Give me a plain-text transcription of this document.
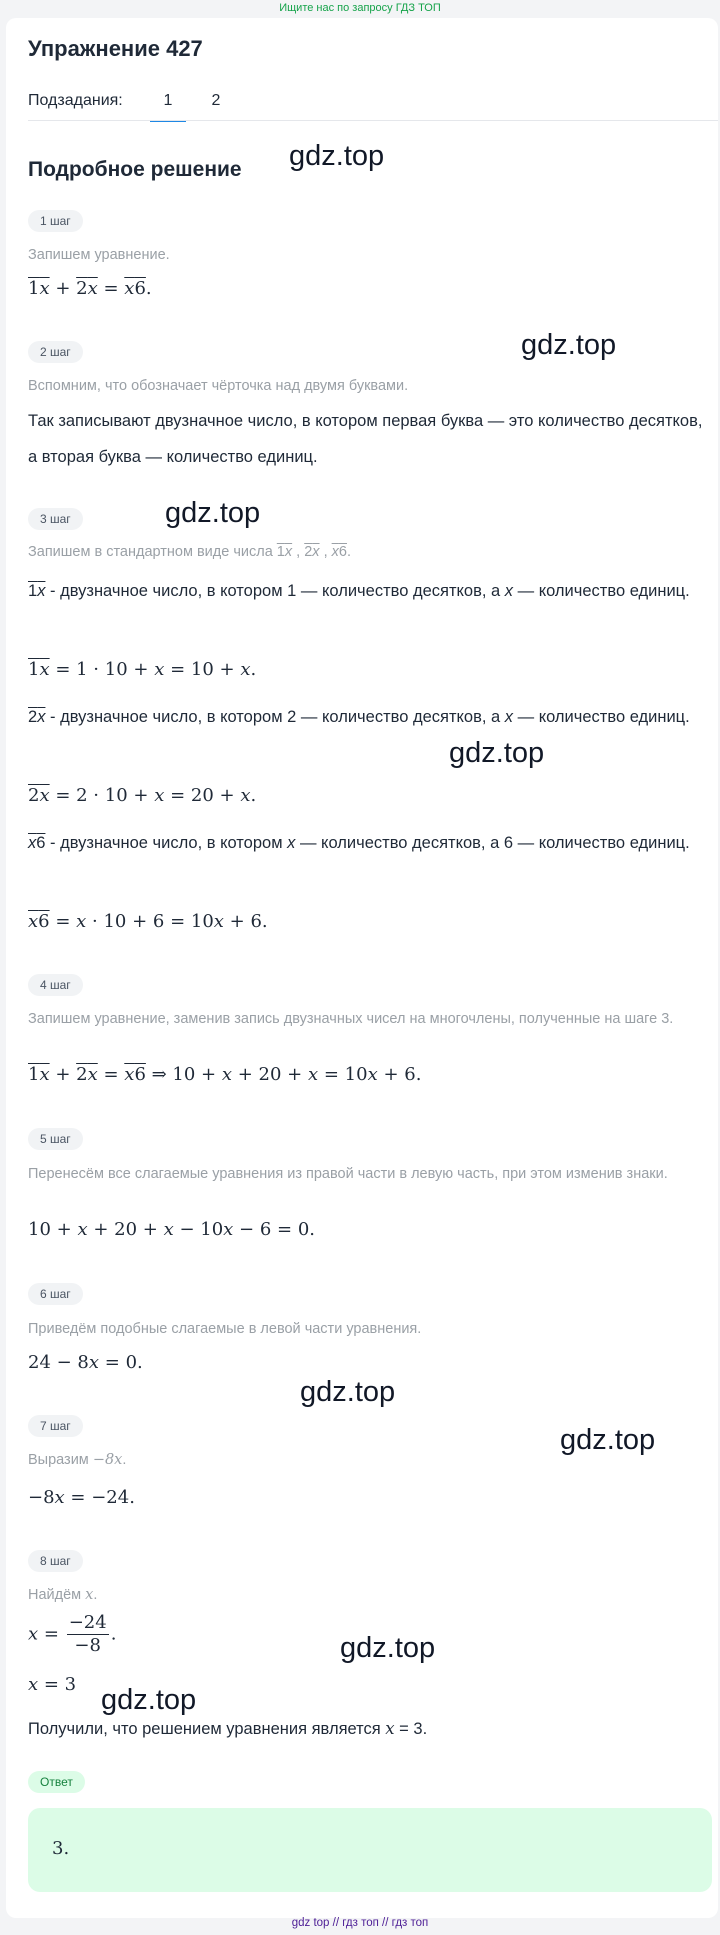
Ищите нас по запросу ГДЗ ТОП
Упражнение 427
Подзадания:	1	2
Подробное решение
1 шаг
Запишем уравнение.
1x + 2x = x6.
2 шаг
Вспомним, что обозначает чёрточка над двумя буквами.
Так записывают двузначное число, в котором первая буква — это количество десятков, а вторая буква — количество единиц.
3 шаг
Запишем в стандартном виде числа 1x , 2x , x6.
1x - двузначное число, в котором 1 — количество десятков, а x — количество единиц.
1x = 1 · 10 + x = 10 + x.
2x - двузначное число, в котором 2 — количество десятков, а x — количество единиц.
2x = 2 · 10 + x = 20 + x.
x6 - двузначное число, в котором x — количество десятков, а 6 — количество единиц.
x6 = x · 10 + 6 = 10x + 6.
4 шаг
Запишем уравнение, заменив запись двузначных чисел на многочлены, полученные на шаге 3.
1x + 2x = x6 ⇒ 10 + x + 20 + x = 10x + 6.
5 шаг
Перенесём все слагаемые уравнения из правой части в левую часть, при этом изменив знаки.
10 + x + 20 + x − 10x − 6 = 0.
6 шаг
Приведём подобные слагаемые в левой части уравнения.
24 − 8x = 0.
7 шаг
Выразим −8x.
−8x = −24.
8 шаг
Найдём x.
$x = \frac{-24}{-8}$ .
x = 3
Получили, что решением уравнения является x = 3.
Ответ
3.
gdz.top
gdz.top
gdz.top
gdz.top
gdz.top
gdz.top
gdz.top
gdz.top
gdz top // гдз топ // гдз топ
